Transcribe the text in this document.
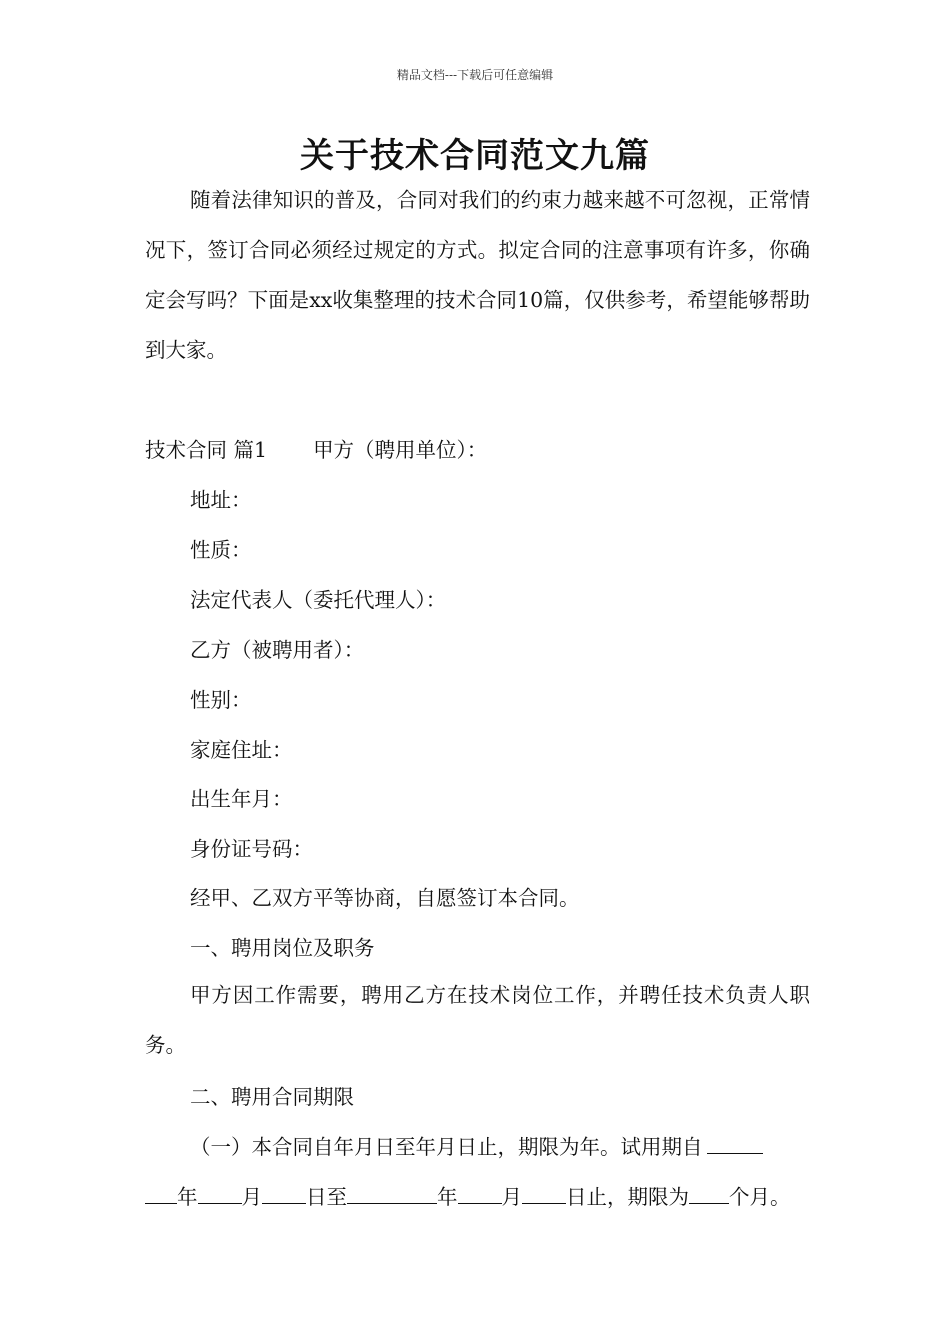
精品文档---下载后可任意编辑
关于技术合同范文九篇
随着法律知识的普及，合同对我们的约束力越来越不可忽视，正常情况下，签订合同必须经过规定的方式。拟定合同的注意事项有许多，你确定会写吗？下面是xx收集整理的技术合同10篇，仅供参考，希望能够帮助到大家。
技术合同 篇1 甲方（聘用单位）：
地址：
性质：
法定代表人（委托代理人）：
乙方（被聘用者）：
性别：
家庭住址：
出生年月：
身份证号码：
经甲、乙双方平等协商，自愿签订本合同。
一、聘用岗位及职务
甲方因工作需要，聘用乙方在技术岗位工作，并聘任技术负责人职务。
二、聘用合同期限
（一）本合同自年月日至年月日止，期限为年。试用期自
年 月 日至	年 月 日止，期限为 个月。
